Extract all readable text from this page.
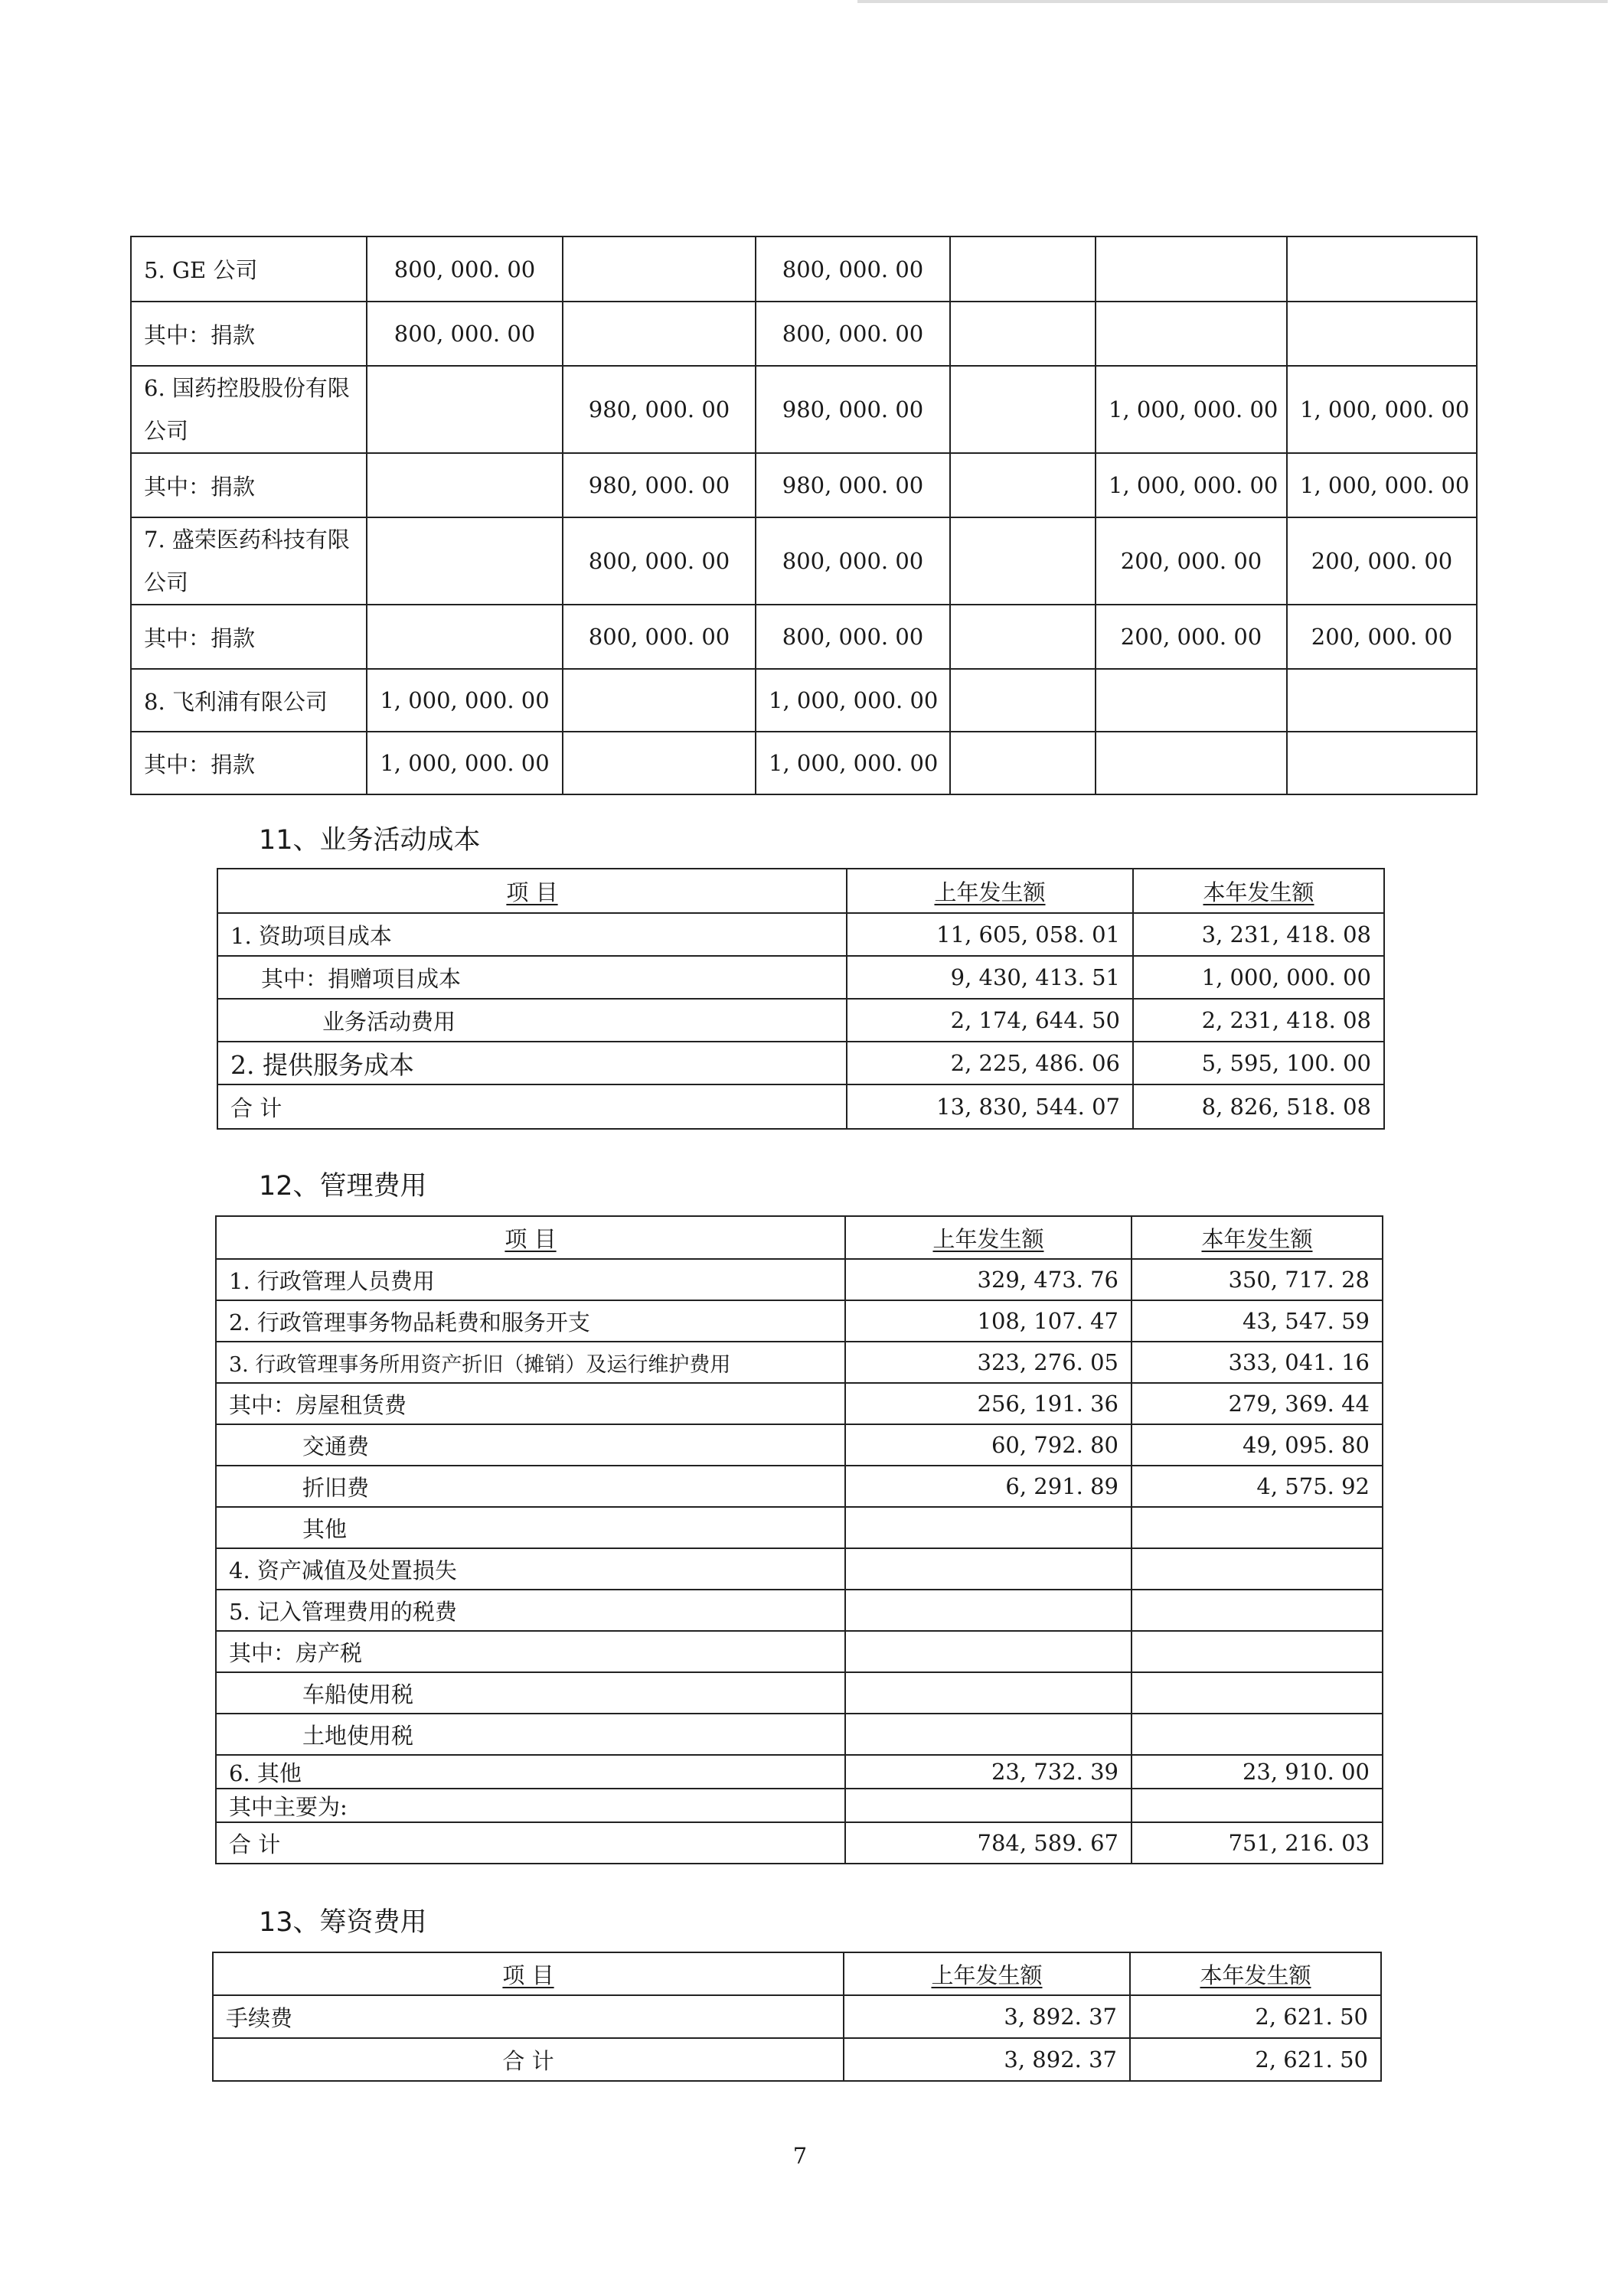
5. GE 公司	800, 000. 00		800, 000. 00			
其中：捐款	800, 000. 00		800, 000. 00			
6. 国药控股股份有限公司		980, 000. 00	980, 000. 00		1, 000, 000. 00	1, 000, 000. 00
其中：捐款		980, 000. 00	980, 000. 00		1, 000, 000. 00	1, 000, 000. 00
7. 盛荣医药科技有限公司		800, 000. 00	800, 000. 00		200, 000. 00	200, 000. 00
其中：捐款		800, 000. 00	800, 000. 00		200, 000. 00	200, 000. 00
8. 飞利浦有限公司	1, 000, 000. 00		1, 000, 000. 00			
其中：捐款	1, 000, 000. 00		1, 000, 000. 00			
11、业务活动成本
项 目	上年发生额	本年发生额
1. 资助项目成本	11, 605, 058. 01	3, 231, 418. 08
其中：捐赠项目成本	9, 430, 413. 51	1, 000, 000. 00
业务活动费用	2, 174, 644. 50	2, 231, 418. 08
2. 提供服务成本	2, 225, 486. 06	5, 595, 100. 00
合 计	13, 830, 544. 07	8, 826, 518. 08
12、管理费用
项 目	上年发生额	本年发生额
1. 行政管理人员费用	329, 473. 76	350, 717. 28
2. 行政管理事务物品耗费和服务开支	108, 107. 47	43, 547. 59
3. 行政管理事务所用资产折旧（摊销）及运行维护费用	323, 276. 05	333, 041. 16
其中：房屋租赁费	256, 191. 36	279, 369. 44
交通费	60, 792. 80	49, 095. 80
折旧费	6, 291. 89	4, 575. 92
其他		
4. 资产减值及处置损失		
5. 记入管理费用的税费		
其中：房产税		
车船使用税		
土地使用税		
6. 其他	23, 732. 39	23, 910. 00
其中主要为:		
合 计	784, 589. 67	751, 216. 03
13、筹资费用
项 目	上年发生额	本年发生额
手续费	3, 892. 37	2, 621. 50
合 计	3, 892. 37	2, 621. 50
7
